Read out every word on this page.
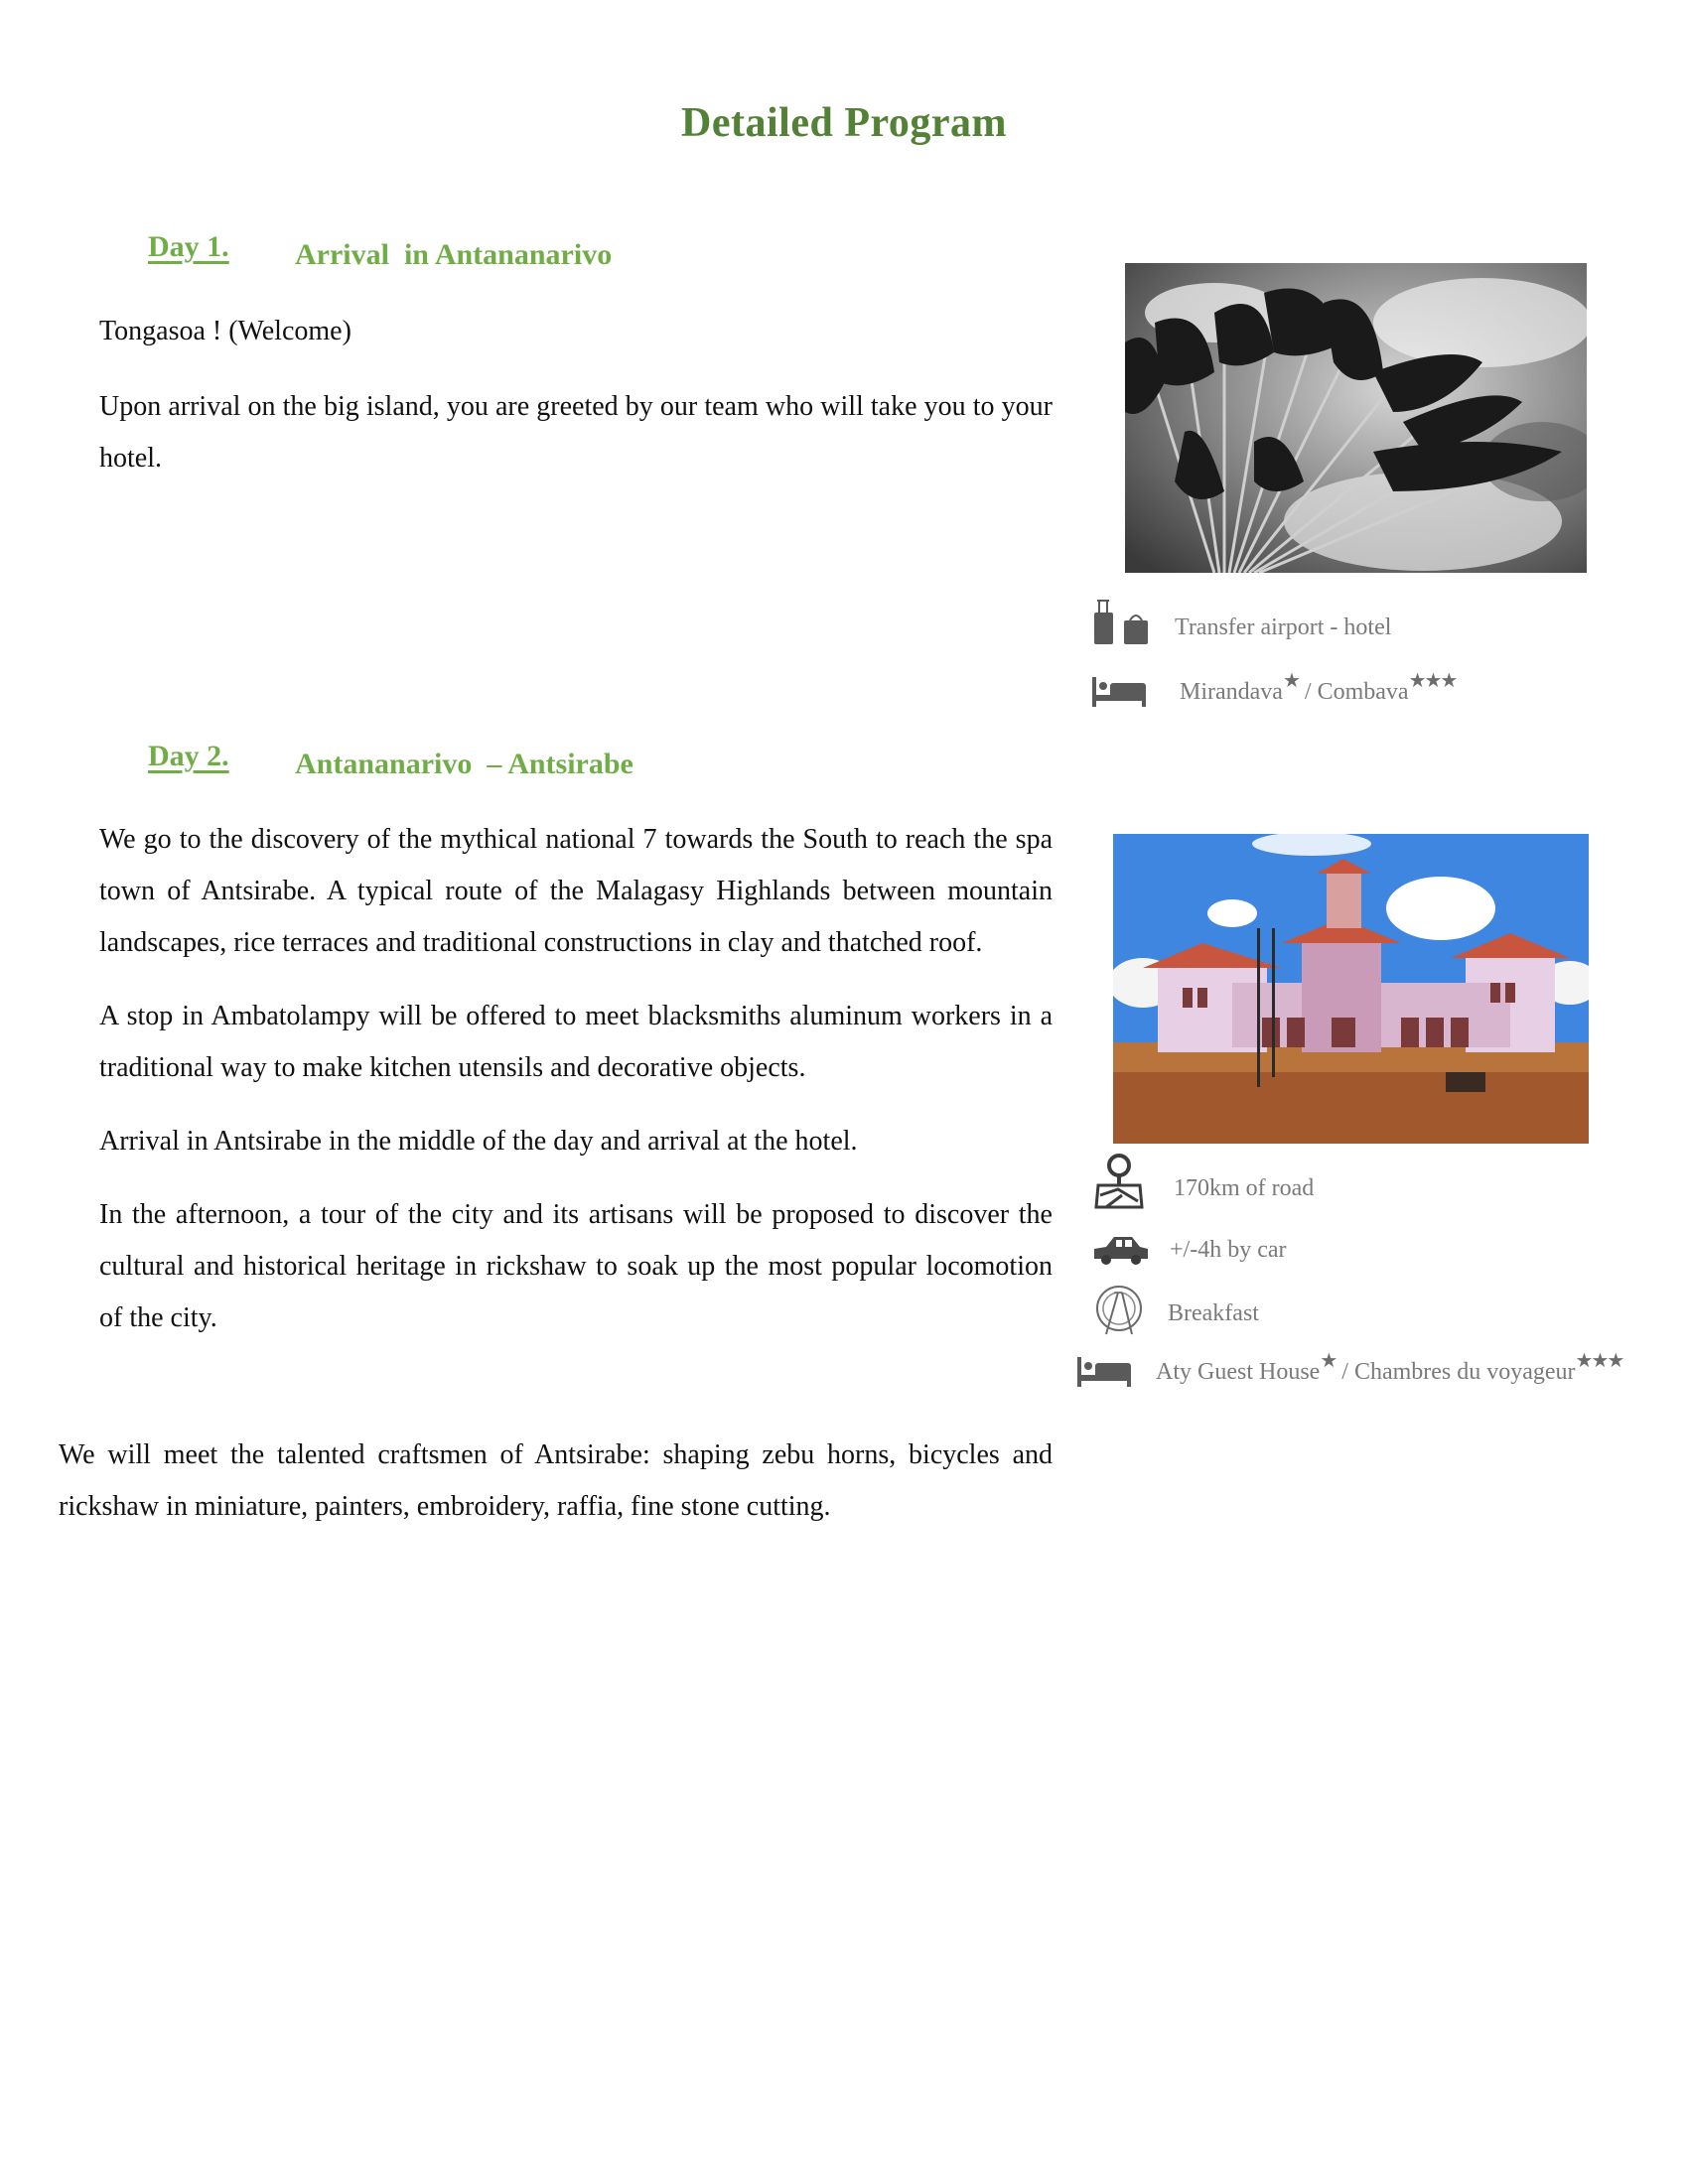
Detailed Program
Day 1. Arrival  in Antananarivo

Tongasoa ! (Welcome)

Upon arrival on the big island, you are greeted by our team who will take you to your hotel.

Transfer airport - hotel
Mirandava★ / Combava★★★
Day 2. Antananarivo  – Antsirabe

We go to the discovery of the mythical national 7 towards the South to reach the spa town of Antsirabe. A typical route of the Malagasy Highlands between mountain landscapes, rice terraces and traditional constructions in clay and thatched roof.

A stop in Ambatolampy will be offered to meet blacksmiths aluminum workers in a traditional way to make kitchen utensils and decorative objects.

Arrival in Antsirabe in the middle of the day and arrival at the hotel.

In the afternoon, a tour of the city and its artisans will be proposed to discover the cultural and historical heritage in rickshaw to soak up the most popular locomotion of the city.

We will meet the talented craftsmen of Antsirabe: shaping zebu horns, bicycles and rickshaw in miniature, painters, embroidery, raffia, fine stone cutting.

170km of road
+/-4h by car
Breakfast
Aty Guest House★ / Chambres du voyageur★★★
